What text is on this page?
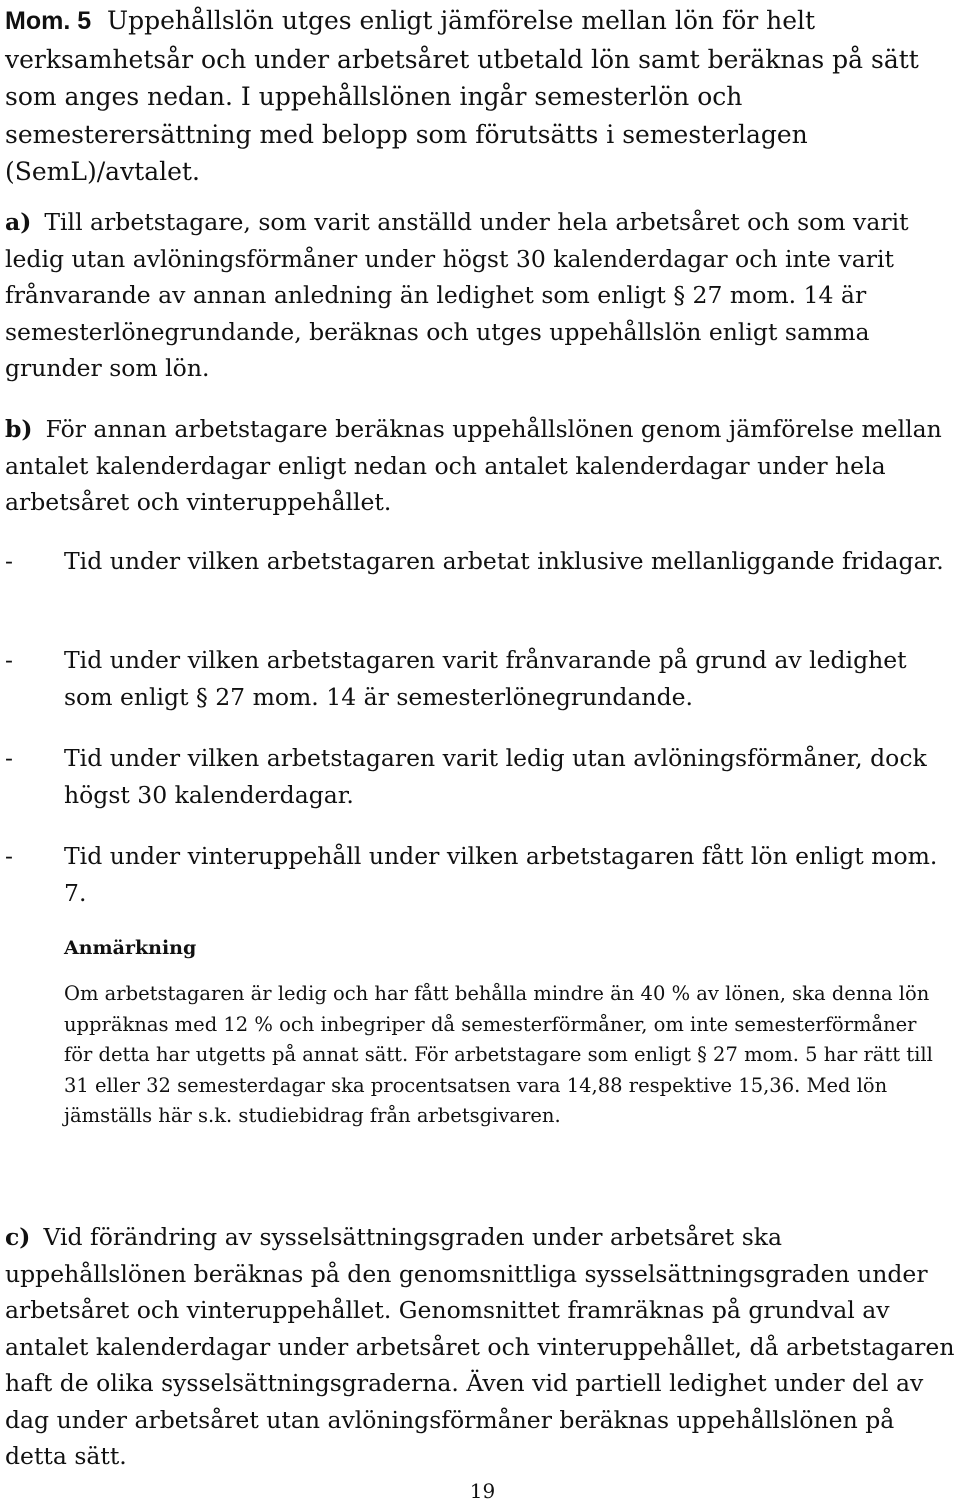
Mom. 5 Uppehållslön utges enligt jämförelse mellan lön för helt verksamhetsår och under arbetsåret utbetald lön samt beräknas på sätt som anges nedan. I uppehållslönen ingår semesterlön och semesterersättning med belopp som förutsätts i semesterlagen (SemL)/avtalet.
a) Till arbetstagare, som varit anställd under hela arbetsåret och som varit ledig utan avlöningsförmåner under högst 30 kalenderdagar och inte varit frånvarande av annan anledning än ledighet som enligt § 27 mom. 14 är semesterlönegrundande, beräknas och utges uppehållslön enligt samma grunder som lön.
b) För annan arbetstagare beräknas uppehållslönen genom jämförelse mellan antalet kalenderdagar enligt nedan och antalet kalenderdagar under hela arbetsåret och vinteruppehållet.
-	Tid under vilken arbetstagaren arbetat inklusive mellanliggande fridagar.
-	Tid under vilken arbetstagaren varit frånvarande på grund av ledighet som enligt § 27 mom. 14 är semesterlönegrundande.
-	Tid under vilken arbetstagaren varit ledig utan avlöningsförmåner, dock högst 30 kalenderdagar.
-	Tid under vinteruppehåll under vilken arbetstagaren fått lön enligt mom. 7.
Anmärkning
Om arbetstagaren är ledig och har fått behålla mindre än 40 % av lönen, ska denna lön uppräknas med 12 % och inbegriper då semesterförmåner, om inte semesterförmåner för detta har utgetts på annat sätt. För arbetstagare som enligt § 27 mom. 5 har rätt till 31 eller 32 semesterdagar ska procentsatsen vara 14,88 respektive 15,36. Med lön jämställs här s.k. studiebidrag från arbetsgivaren.
c) Vid förändring av sysselsättningsgraden under arbetsåret ska uppehållslönen beräknas på den genomsnittliga sysselsättningsgraden under arbetsåret och vinteruppehållet. Genomsnittet framräknas på grundval av antalet kalenderdagar under arbetsåret och vinteruppehållet, då arbetstagaren haft de olika sysselsättningsgraderna. Även vid partiell ledighet under del av dag under arbetsåret utan avlöningsförmåner beräknas uppehållslönen på detta sätt.
19
